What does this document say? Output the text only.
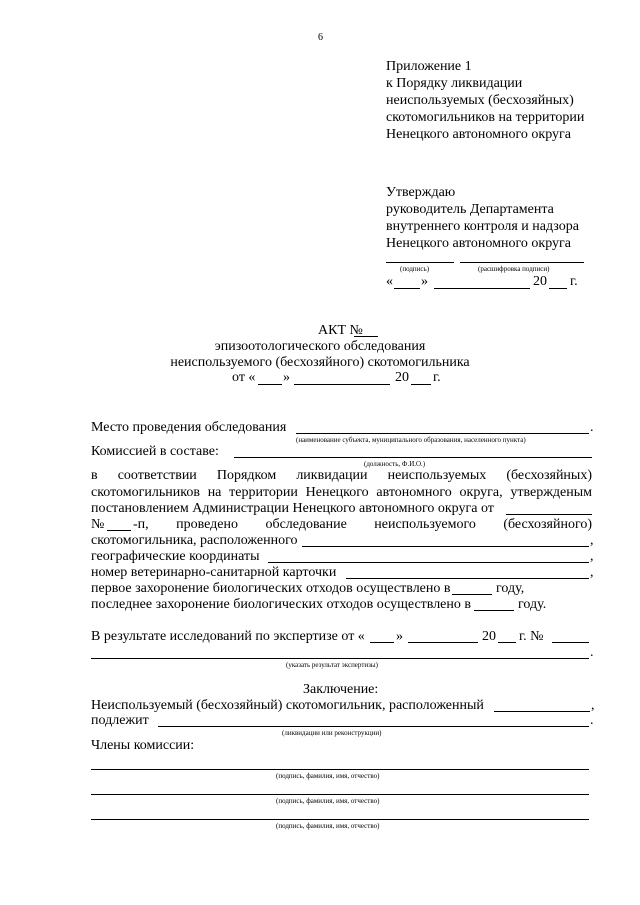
6
Приложение 1
к Порядку ликвидации
неиспользуемых (бесхозяйных)
скотомогильников на территории
Ненецкого автономного округа
Утверждаю
руководитель Департамента
внутреннего контроля и надзора
Ненецкого автономного округа
(подпись)	(расшифровка подписи)
« »	20 г.
АКТ №
эпизоотологического обследования
неиспользуемого (бесхозяйного) скотомогильника
от « »	20 г.
Место проведения обследования	.
(наименование субъекта, муниципального образования, населенного пункта)
Комиссией в составе:
(должность, Ф.И.О.)
в соответствии Порядком ликвидации неиспользуемых (бесхозяйных)
скотомогильников на территории Ненецкого автономного округа, утвержденым
постановлением Администрации Ненецкого автономного округа от
№ -п, проведено обследование неиспользуемого (бесхозяйного)
скотомогильника, расположенного	,
географические координаты	,
номер ветеринарно-санитарной карточки	,
первое захоронение биологических отходов осуществлено в	году,
последнее захоронение биологических отходов осуществлено в	году.
В результате исследований по экспертизе от « »	20 г. №
.
(указать результат экспертизы)
Заключение:
Неиспользуемый (бесхозяйный) скотомогильник, расположенный	,
подлежит	.
(ликвидации или реконструкции)
Члены комиссии:
(подпись, фамилия, имя, отчество)
(подпись, фамилия, имя, отчество)
(подпись, фамилия, имя, отчество)
